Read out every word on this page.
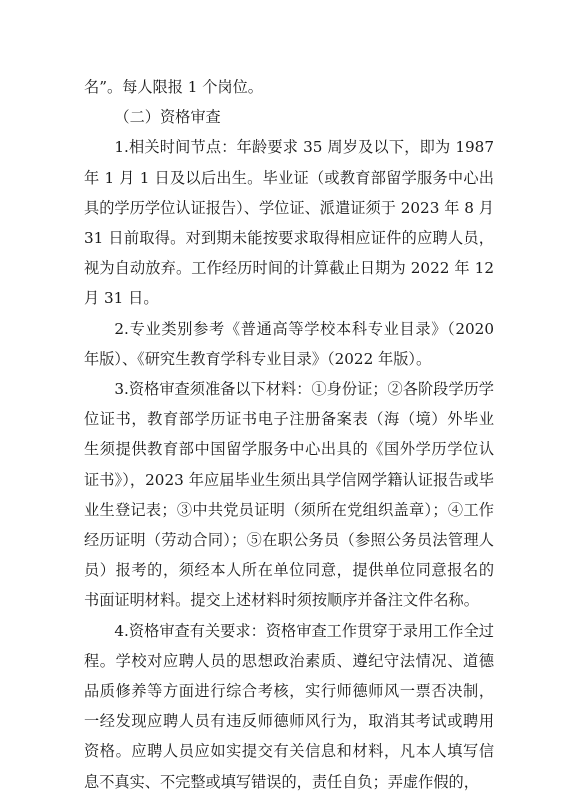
名”。每人限报 1 个岗位。

（二）资格审查

1.相关时间节点：年龄要求 35 周岁及以下，即为 1987 年 1 月 1 日及以后出生。毕业证（或教育部留学服务中心出具的学历学位认证报告）、学位证、派遣证须于 2023 年 8 月 31 日前取得。对到期未能按要求取得相应证件的应聘人员，视为自动放弃。工作经历时间的计算截止日期为 2022 年 12 月 31 日。

2.专业类别参考《普通高等学校本科专业目录》（2020 年版）、《研究生教育学科专业目录》（2022 年版）。

3.资格审查须准备以下材料：①身份证；②各阶段学历学位证书，教育部学历证书电子注册备案表（海（境）外毕业生须提供教育部中国留学服务中心出具的《国外学历学位认证书》），2023 年应届毕业生须出具学信网学籍认证报告或毕业生登记表；③中共党员证明（须所在党组织盖章）；④工作经历证明（劳动合同）；⑤在职公务员（参照公务员法管理人员）报考的，须经本人所在单位同意，提供单位同意报名的书面证明材料。提交上述材料时须按顺序并备注文件名称。

4.资格审查有关要求：资格审查工作贯穿于录用工作全过程。学校对应聘人员的思想政治素质、遵纪守法情况、道德品质修养等方面进行综合考核，实行师德师风一票否决制，一经发现应聘人员有违反师德师风行为，取消其考试或聘用资格。应聘人员应如实提交有关信息和材料，凡本人填写信息不真实、不完整或填写错误的，责任自负；弄虚作假的，
